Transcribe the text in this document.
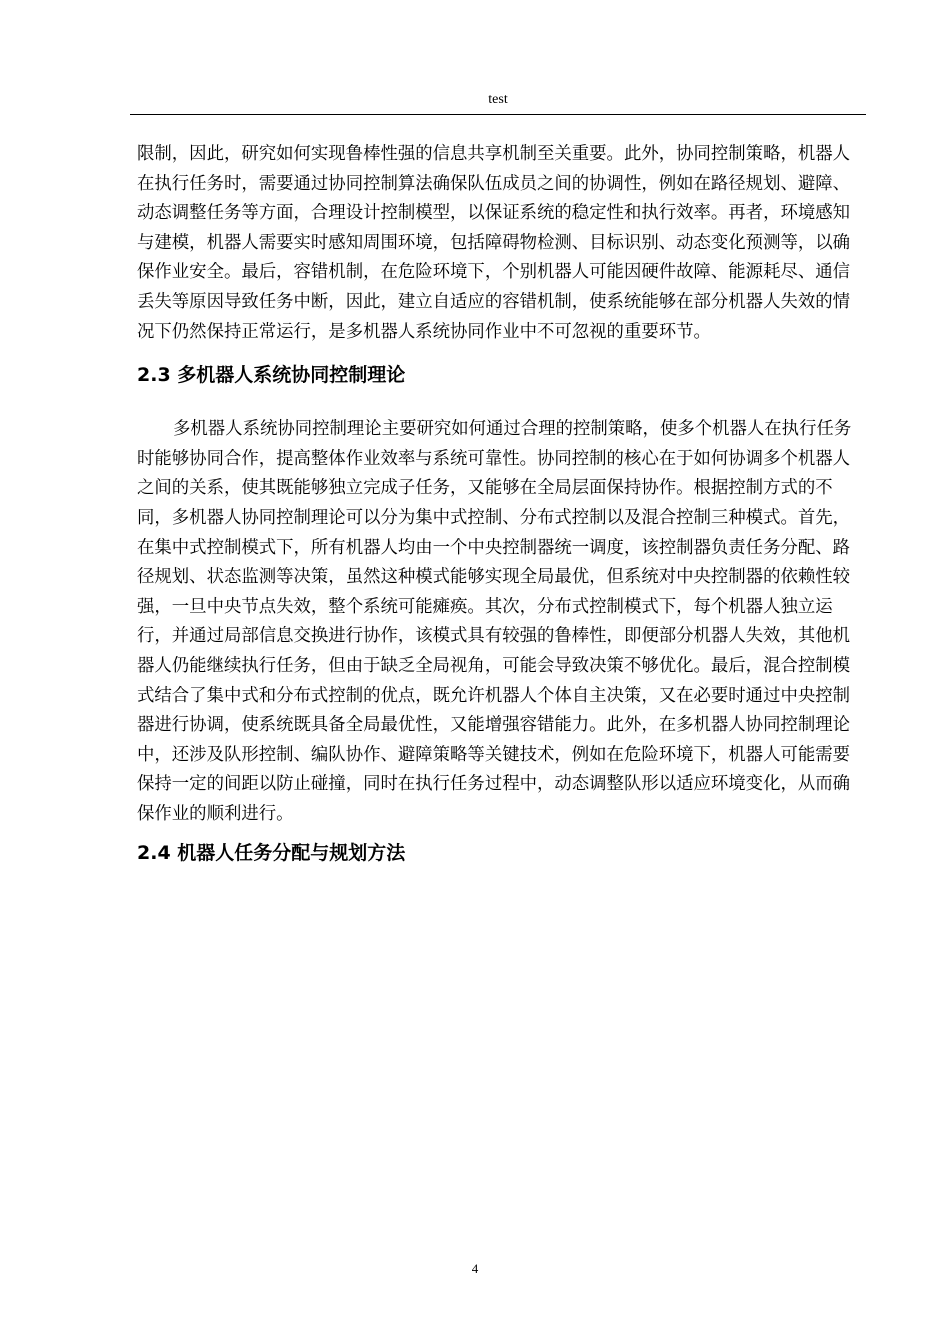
test

限制，因此，研究如何实现鲁棒性强的信息共享机制至关重要。此外，协同控制策略，机器人在执行任务时，需要通过协同控制算法确保队伍成员之间的协调性，例如在路径规划、避障、动态调整任务等方面，合理设计控制模型，以保证系统的稳定性和执行效率。再者，环境感知与建模，机器人需要实时感知周围环境，包括障碍物检测、目标识别、动态变化预测等，以确保作业安全。最后，容错机制，在危险环境下，个别机器人可能因硬件故障、能源耗尽、通信丢失等原因导致任务中断，因此，建立自适应的容错机制，使系统能够在部分机器人失效的情况下仍然保持正常运行，是多机器人系统协同作业中不可忽视的重要环节。

2.3 多机器人系统协同控制理论

多机器人系统协同控制理论主要研究如何通过合理的控制策略，使多个机器人在执行任务时能够协同合作，提高整体作业效率与系统可靠性。协同控制的核心在于如何协调多个机器人之间的关系，使其既能够独立完成子任务，又能够在全局层面保持协作。根据控制方式的不同，多机器人协同控制理论可以分为集中式控制、分布式控制以及混合控制三种模式。首先，在集中式控制模式下，所有机器人均由一个中央控制器统一调度，该控制器负责任务分配、路径规划、状态监测等决策，虽然这种模式能够实现全局最优，但系统对中央控制器的依赖性较强，一旦中央节点失效，整个系统可能瘫痪。其次，分布式控制模式下，每个机器人独立运行，并通过局部信息交换进行协作，该模式具有较强的鲁棒性，即便部分机器人失效，其他机器人仍能继续执行任务，但由于缺乏全局视角，可能会导致决策不够优化。最后，混合控制模式结合了集中式和分布式控制的优点，既允许机器人个体自主决策，又在必要时通过中央控制器进行协调，使系统既具备全局最优性，又能增强容错能力。此外，在多机器人协同控制理论中，还涉及队形控制、编队协作、避障策略等关键技术，例如在危险环境下，机器人可能需要保持一定的间距以防止碰撞，同时在执行任务过程中，动态调整队形以适应环境变化，从而确保作业的顺利进行。

2.4 机器人任务分配与规划方法
4
